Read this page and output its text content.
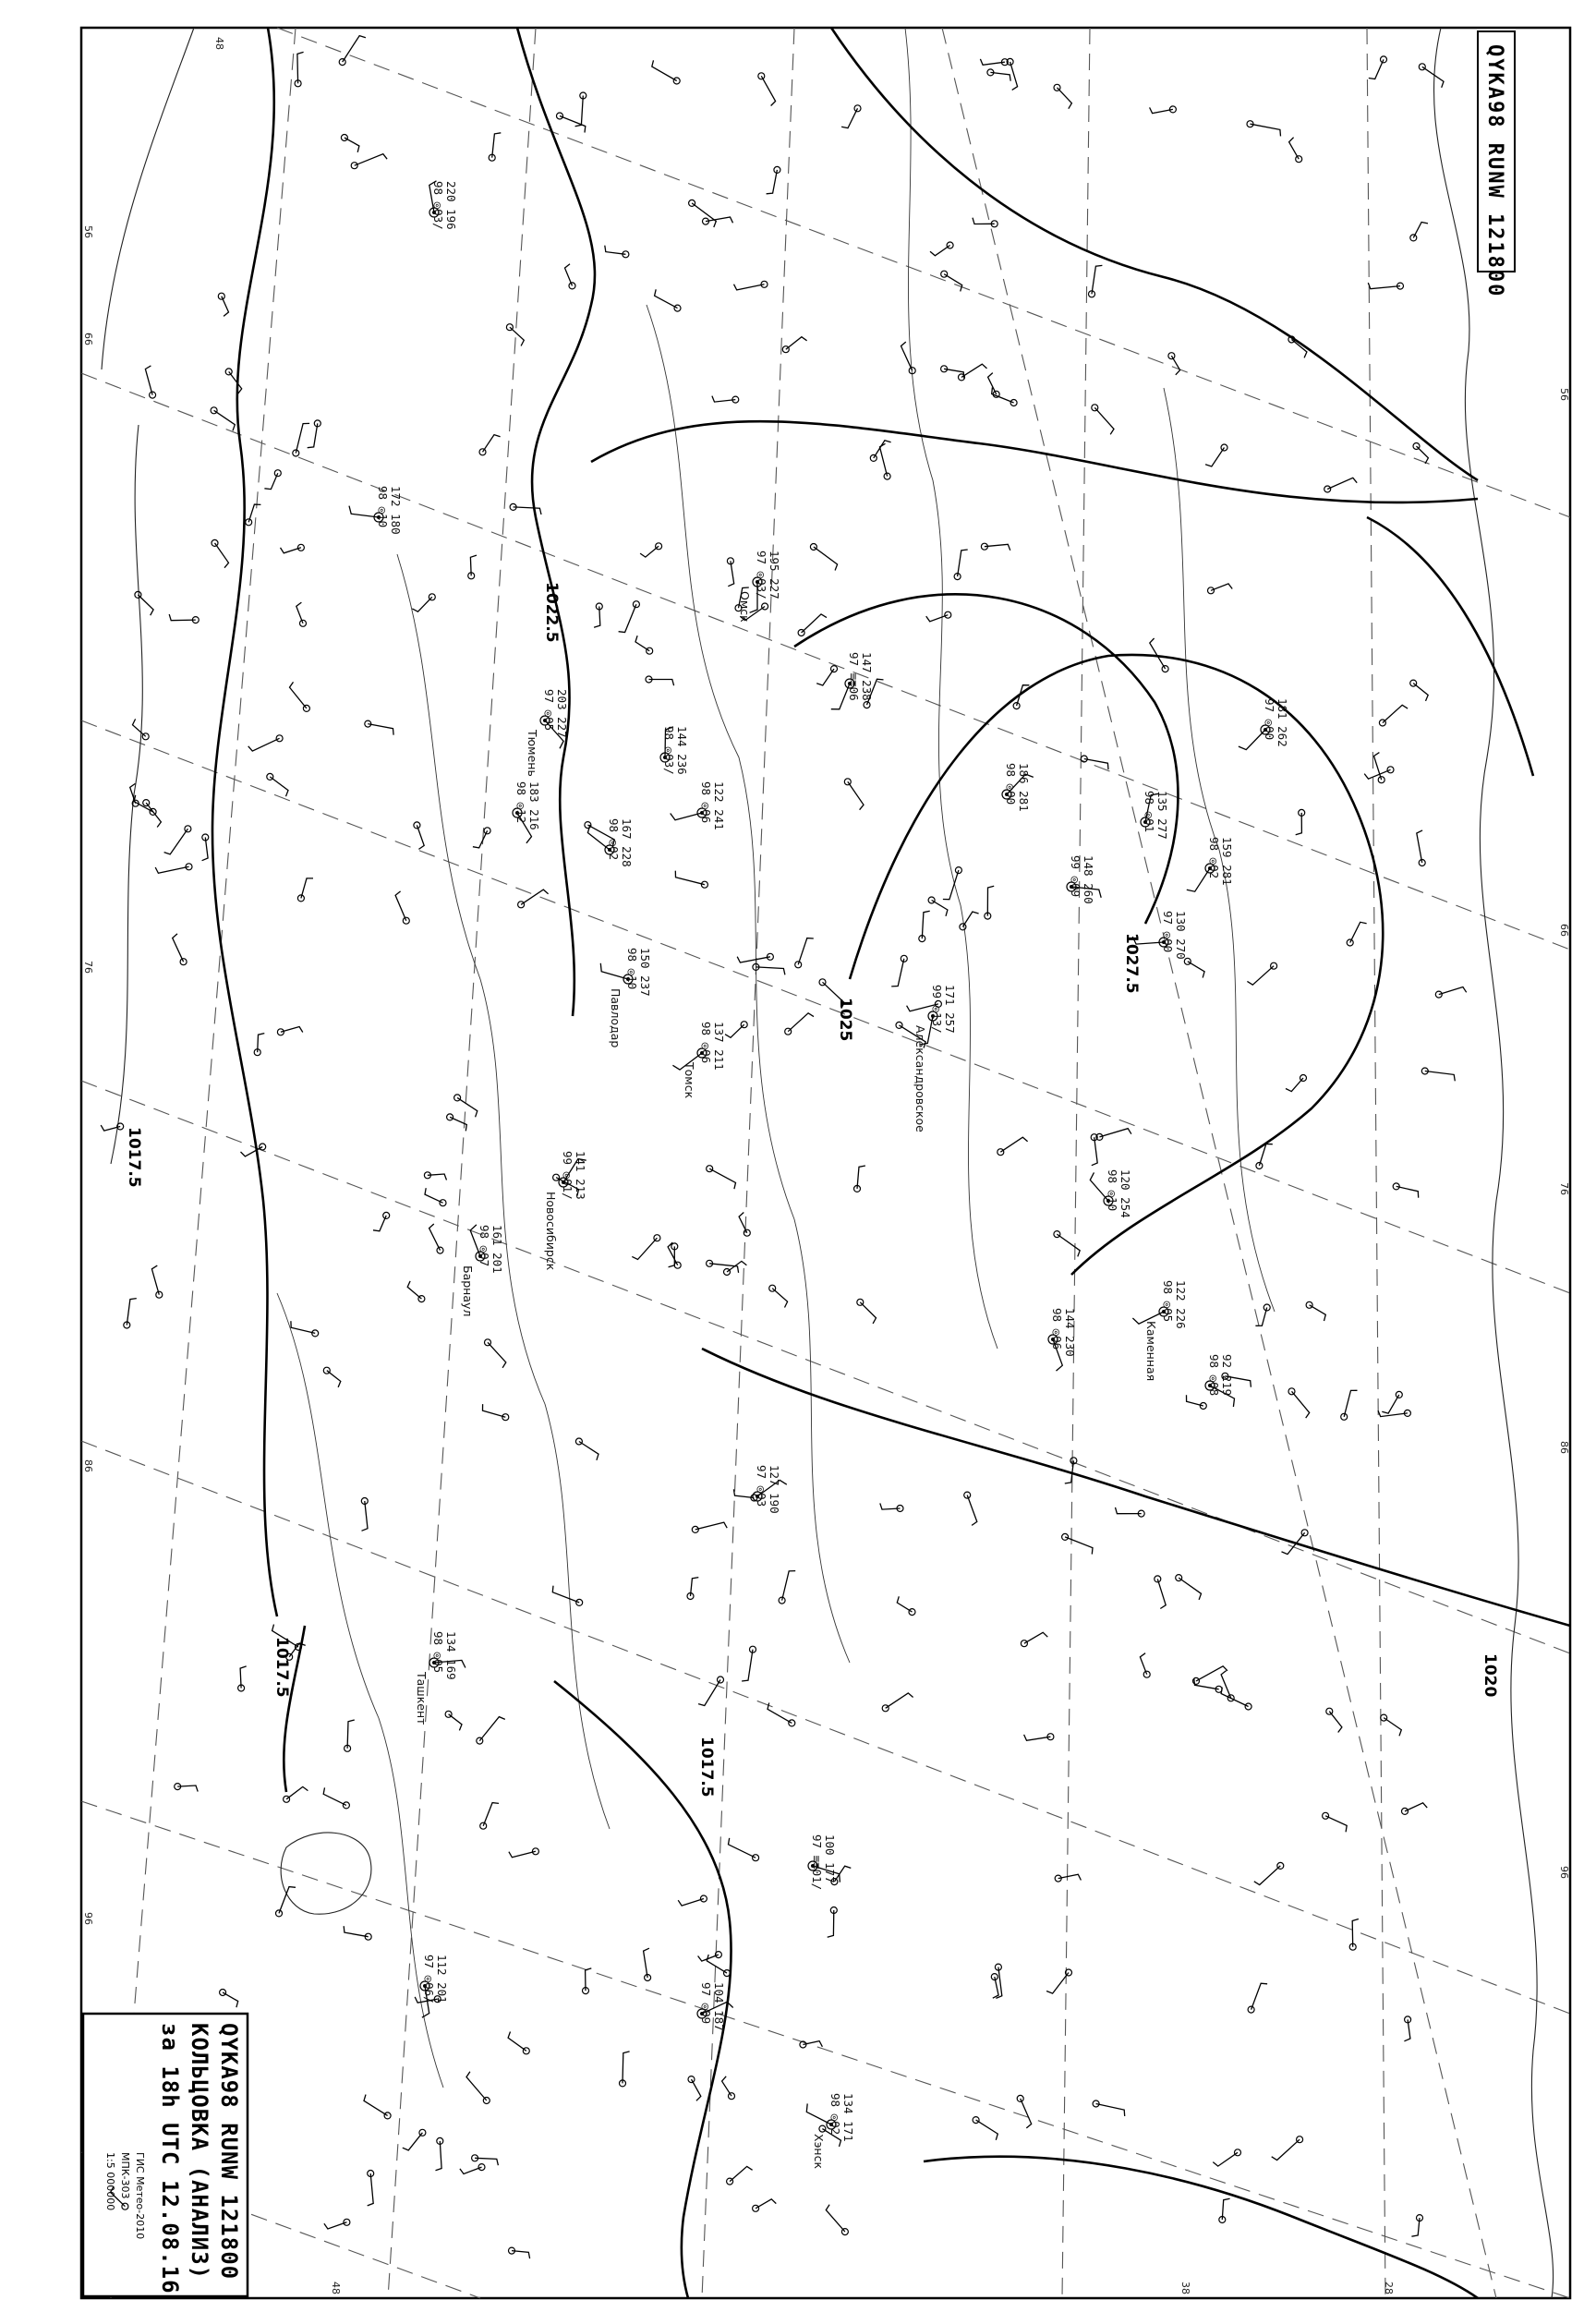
1017.5
1017.5
1017.5
1022.5
1025
1027.5
1020
48
56
66
76
86
96
48
56
66
76
86
96
28
38
QYKA98 RUNW 121800
QYKA98 RUNW 121800
КОЛЬЦОВКА (АНАЛИЗ)
за 18h UTC 12.08.16
ГИС Метео-2010
МПК-303
1:5 000000
195 227
97 ◎03/
Омск
137 211
98 ◎06
Томск
150 237
98 ◎10
Павлодар
161 201
98 ◎07
Барнаул
141 213
99 ◎01/
Новосибирск
134 169
98 ◎05
Ташкент
203 227
97 ◎05
Тюмень
171 257
99 ◎13/
Александровское
122 226
98 ◎05
Каменная
134 171
98 ◎02
Хэнск
220 196
98 ◎03/
186 281
98 ◎00
148 260
99 ◎09
183 216
98 ◎12
147 238
97 ≡≡06
122 241
98 ◎06
167 228
98 ◎02
144 236
98 ◎03/
127 190
97 ◎03
100 177
97 ≡≡01/
144 230
98 ◎06
159 281
98 ◎02
130 270
97 ◎00
120 254
98 ◎10
135 277
98 ◎01
104 187
97 ◎09
92 219
98 ◎08
112 201
97 ◎06/
181 262
97 ◎00
172 180
98 ◎10
